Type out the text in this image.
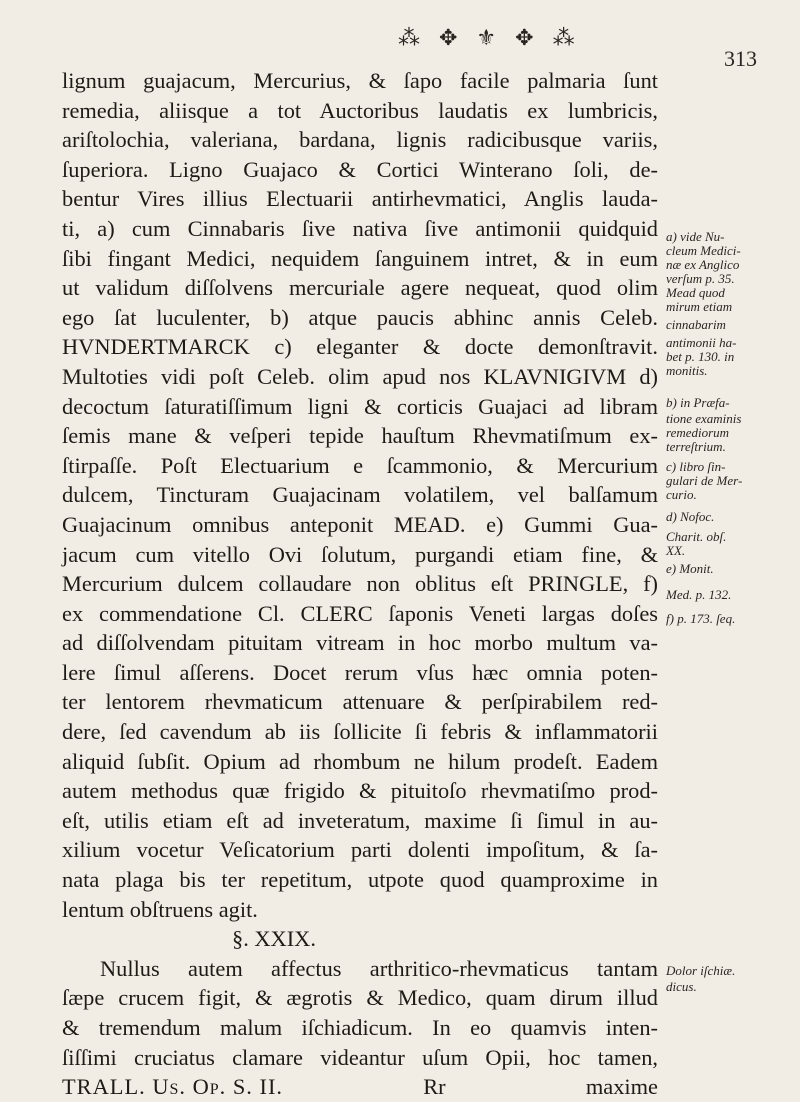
⁂ ✥ ⚜ ✥ ⁂
313
lignum guajacum, Mercurius, & ſapo facile palmaria ſunt
remedia, aliisque a tot Auctoribus laudatis ex lumbricis,
ariſtolochia, valeriana, bardana, lignis radicibusque variis,
ſuperiora. Ligno Guajaco & Cortici Winterano ſoli, de-
bentur Vires illius Electuarii antirhevmatici, Anglis lauda-
ti, a) cum Cinnabaris ſive nativa ſive antimonii quidquid
ſibi fingant Medici, nequidem ſanguinem intret, & in eum
ut validum diſſolvens mercuriale agere nequeat, quod olim
ego ſat luculenter, b) atque paucis abhinc annis Celeb.
HVNDERTMARCK c) eleganter & docte demonſtravit.
Multoties vidi poſt Celeb. olim apud nos KLAVNIGIVM d)
decoctum ſaturatiſſimum ligni & corticis Guajaci ad libram
ſemis mane & veſperi tepide hauſtum Rhevmatiſmum ex-
ſtirpaſſe. Poſt Electuarium e ſcammonio, & Mercurium
dulcem, Tincturam Guajacinam volatilem, vel balſamum
Guajacinum omnibus anteponit MEAD. e) Gummi Gua-
jacum cum vitello Ovi ſolutum, purgandi etiam fine, &
Mercurium dulcem collaudare non oblitus eſt PRINGLE, f)
ex commendatione Cl. CLERC ſaponis Veneti largas doſes
ad diſſolvendam pituitam vitream in hoc morbo multum va-
lere ſimul aſſerens. Docet rerum vſus hæc omnia poten-
ter lentorem rhevmaticum attenuare & perſpirabilem red-
dere, ſed cavendum ab iis ſollicite ſi febris & inflammatorii
aliquid ſubſit. Opium ad rhombum ne hilum prodeſt. Eadem
autem methodus quæ frigido & pituitoſo rhevmatiſmo prod-
eſt, utilis etiam eſt ad inveteratum, maxime ſi ſimul in au-
xilium vocetur Veſicatorium parti dolenti impoſitum, & ſa-
nata plaga bis ter repetitum, utpote quod quamproxime in
lentum obſtruens agit.
§. XXIX.
Nullus autem affectus arthritico-rhevmaticus tantam
ſæpe crucem figit, & ægrotis & Medico, quam dirum illud
& tremendum malum iſchiadicum. In eo quamvis inten-
ſiſſimi cruciatus clamare videantur uſum Opii, hoc tamen,
TRALL. Uſ. Op. S. II.	Rr	maxime
a) vide Nu-
cleum Medici-
næ ex Anglico
verſum p. 35.
Mead quod
mirum etiam
cinnabarim
antimonii ha-
bet p. 130. in
monitis.
b) in Præfa-
tione examinis
remediorum
terreſtrium.
c) libro ſin-
gulari de Mer-
curio.
d) Nofoc.
Charit. obſ.
XX.
e) Monit.
Med. p. 132.
f) p. 173. ſeq.
Dolor iſchiæ.
dicus.
